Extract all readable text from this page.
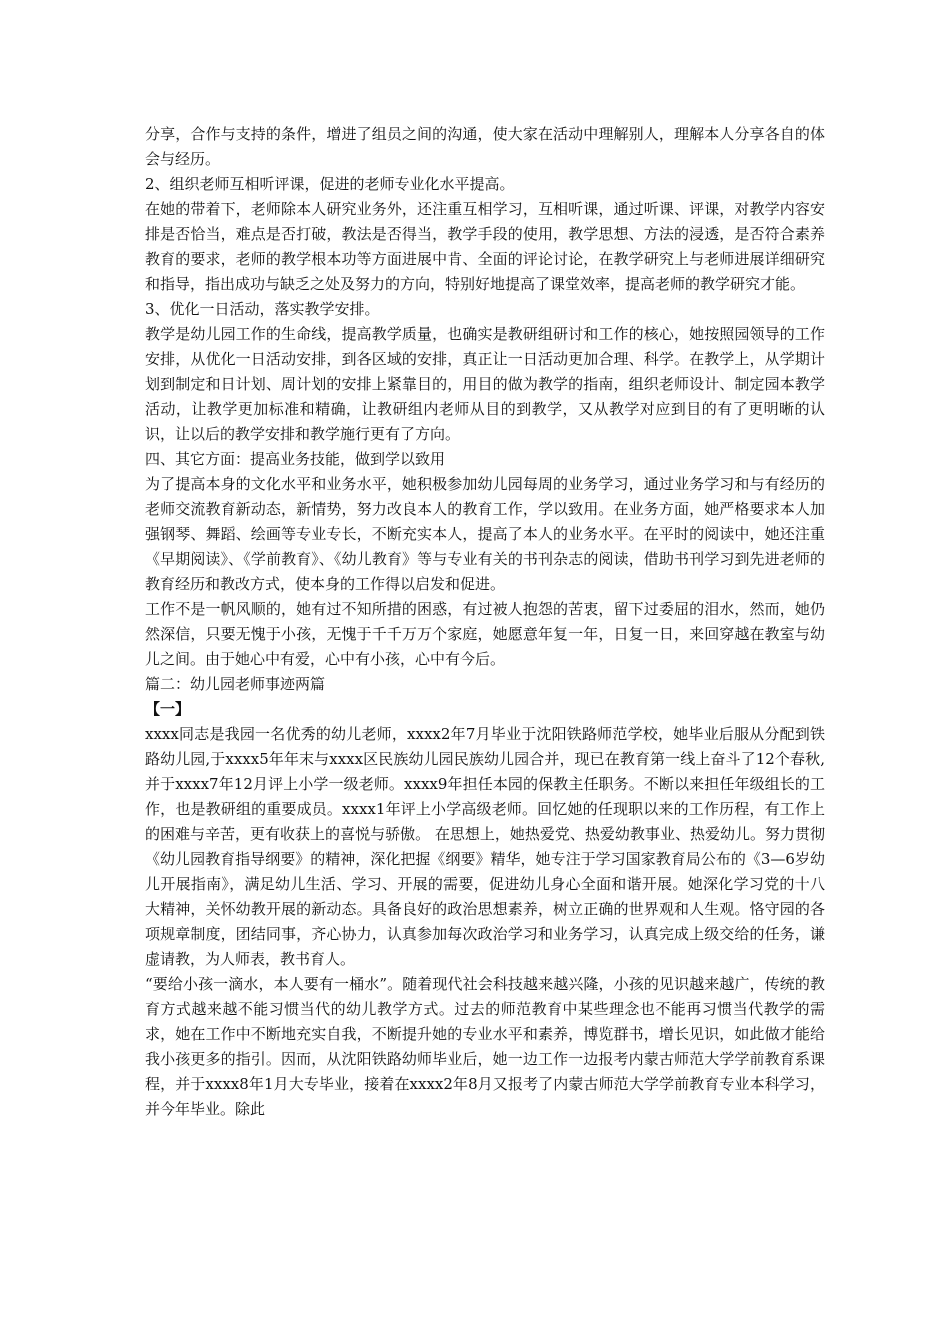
分享，合作与支持的条件，增进了组员之间的沟通，使大家在活动中理解别人，理解本人分享各自的体会与经历。

2、组织老师互相听评课，促进的老师专业化水平提高。

在她的带着下，老师除本人研究业务外，还注重互相学习，互相听课，通过听课、评课，对教学内容安排是否恰当，难点是否打破，教法是否得当，教学手段的使用，教学思想、方法的浸透，是否符合素养教育的要求，老师的教学根本功等方面进展中肯、全面的评论讨论，在教学研究上与老师进展详细研究和指导，指出成功与缺乏之处及努力的方向，特别好地提高了课堂效率，提高老师的教学研究才能。

3、优化一日活动，落实教学安排。

教学是幼儿园工作的生命线，提高教学质量，也确实是教研组研讨和工作的核心，她按照园领导的工作安排，从优化一日活动安排，到各区域的安排，真正让一日活动更加合理、科学。在教学上，从学期计划到制定和日计划、周计划的安排上紧靠目的，用目的做为教学的指南，组织老师设计、制定园本教学活动，让教学更加标准和精确，让教研组内老师从目的到教学，又从教学对应到目的有了更明晰的认识，让以后的教学安排和教学施行更有了方向。

四、其它方面：提高业务技能，做到学以致用

为了提高本身的文化水平和业务水平，她积极参加幼儿园每周的业务学习，通过业务学习和与有经历的老师交流教育新动态，新情势，努力改良本人的教育工作，学以致用。在业务方面，她严格要求本人加强钢琴、舞蹈、绘画等专业专长，不断充实本人，提高了本人的业务水平。在平时的阅读中，她还注重《早期阅读》、《学前教育》、《幼儿教育》等与专业有关的书刊杂志的阅读，借助书刊学习到先进老师的教育经历和教改方式，使本身的工作得以启发和促进。

工作不是一帆风顺的，她有过不知所措的困惑，有过被人抱怨的苦衷，留下过委屈的泪水，然而，她仍然深信，只要无愧于小孩，无愧于千千万万个家庭，她愿意年复一年，日复一日，来回穿越在教室与幼儿之间。由于她心中有爱，心中有小孩，心中有今后。

篇二：幼儿园老师事迹两篇

【一】

xxxx同志是我园一名优秀的幼儿老师，xxxx2年7月毕业于沈阳铁路师范学校，她毕业后服从分配到铁路幼儿园,于xxxx5年年末与xxxx区民族幼儿园民族幼儿园合并，现已在教育第一线上奋斗了12个春秋,并于xxxx7年12月评上小学一级老师。xxxx9年担任本园的保教主任职务。不断以来担任年级组长的工作，也是教研组的重要成员。xxxx1年评上小学高级老师。回忆她的任现职以来的工作历程，有工作上的困难与辛苦，更有收获上的喜悦与骄傲。 在思想上，她热爱党、热爱幼教事业、热爱幼儿。努力贯彻《幼儿园教育指导纲要》的精神，深化把握《纲要》精华，她专注于学习国家教育局公布的《3—6岁幼儿开展指南》，满足幼儿生活、学习、开展的需要，促进幼儿身心全面和谐开展。她深化学习党的十八大精神，关怀幼教开展的新动态。具备良好的政治思想素养，树立正确的世界观和人生观。恪守园的各项规章制度，团结同事，齐心协力，认真参加每次政治学习和业务学习，认真完成上级交给的任务，谦虚请教，为人师表，教书育人。

“要给小孩一滴水，本人要有一桶水”。随着现代社会科技越来越兴隆，小孩的见识越来越广，传统的教育方式越来越不能习惯当代的幼儿教学方式。过去的师范教育中某些理念也不能再习惯当代教学的需求，她在工作中不断地充实自我，不断提升她的专业水平和素养，博览群书，增长见识，如此做才能给我小孩更多的指引。因而，从沈阳铁路幼师毕业后，她一边工作一边报考内蒙古师范大学学前教育系课程，并于xxxx8年1月大专毕业，接着在xxxx2年8月又报考了内蒙古师范大学学前教育专业本科学习，并今年毕业。除此
